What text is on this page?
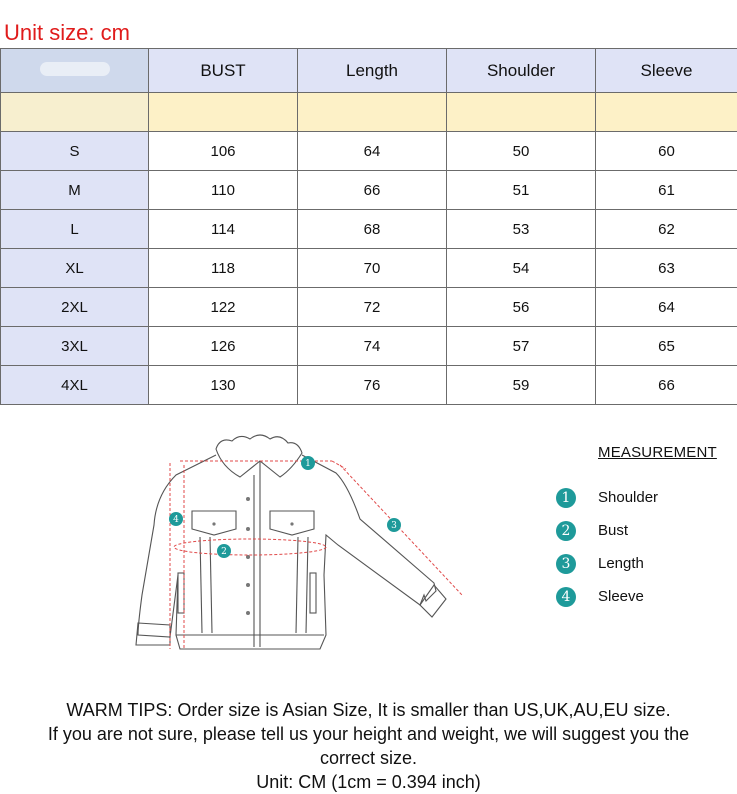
Unit size: cm
	BUST	Length	Shoulder	Sleeve

S	106	64	50	60
M	110	66	51	61
L	114	68	53	62
XL	118	70	54	63
2XL	122	72	56	64
3XL	126	74	57	65
4XL	130	76	59	66
1
2
3
4
MEASUREMENT
1	Shoulder
2	Bust
3	Length
4	Sleeve
WARM TIPS: Order size is Asian Size, It is smaller than US,UK,AU,EU size.
If you are not sure, please tell us your height and weight, we will suggest you the
correct size.
Unit: CM (1cm = 0.394 inch)
